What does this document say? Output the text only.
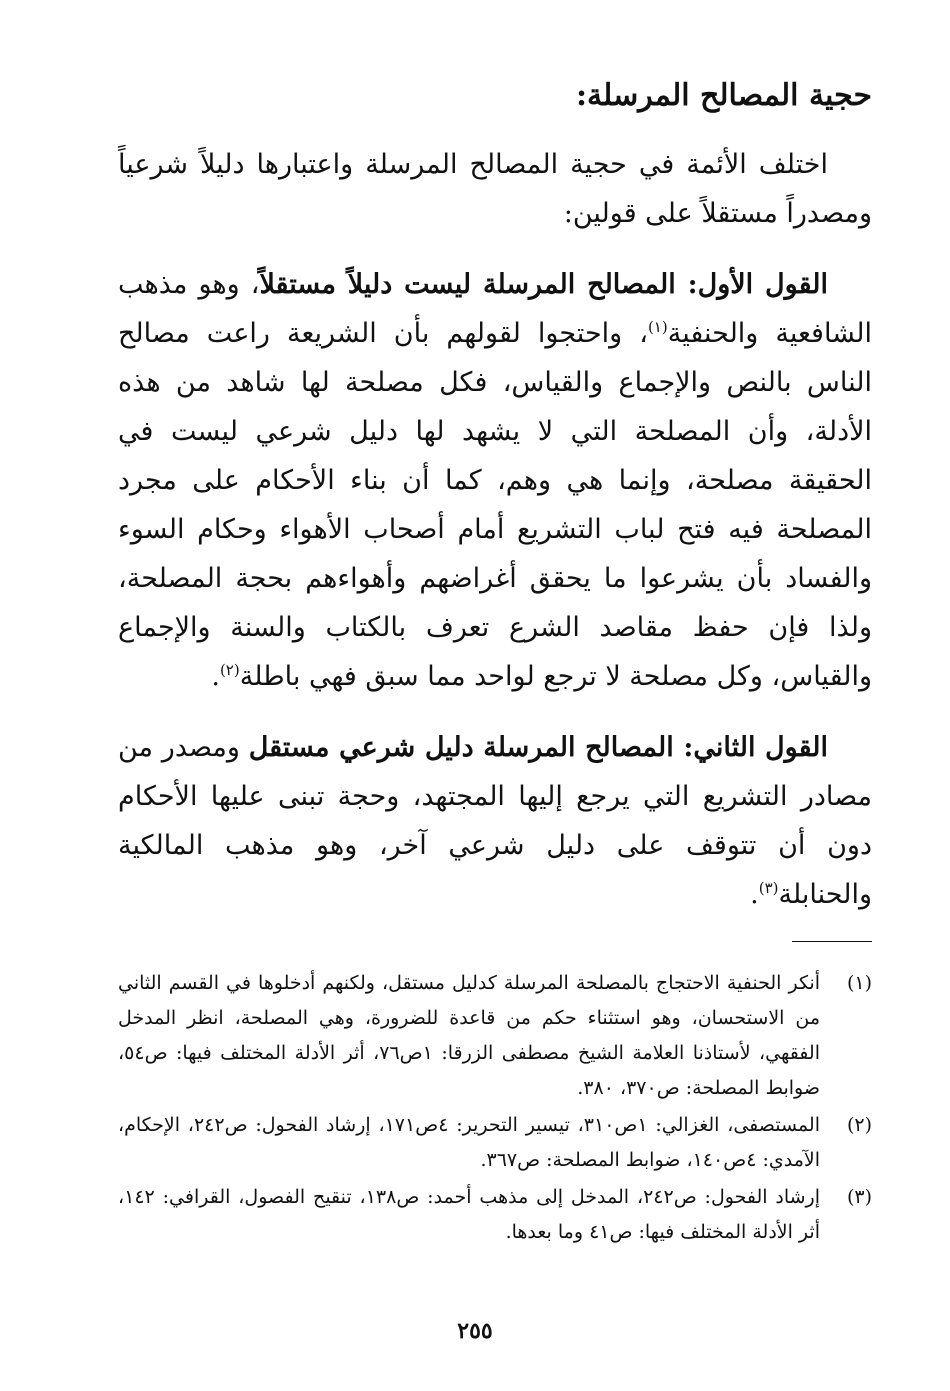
حجية المصالح المرسلة:

اختلف الأئمة في حجية المصالح المرسلة واعتبارها دليلاً شرعياً ومصدراً مستقلاً على قولين:

القول الأول: المصالح المرسلة ليست دليلاً مستقلاً، وهو مذهب الشافعية والحنفية$^{(١)}$، واحتجوا لقولهم بأن الشريعة راعت مصالح الناس بالنص والإجماع والقياس، فكل مصلحة لها شاهد من هذه الأدلة، وأن المصلحة التي لا يشهد لها دليل شرعي ليست في الحقيقة مصلحة، وإنما هي وهم، كما أن بناء الأحكام على مجرد المصلحة فيه فتح لباب التشريع أمام أصحاب الأهواء وحكام السوء والفساد بأن يشرعوا ما يحقق أغراضهم وأهواءهم بحجة المصلحة، ولذا فإن حفظ مقاصد الشرع تعرف بالكتاب والسنة والإجماع والقياس، وكل مصلحة لا ترجع لواحد مما سبق فهي باطلة$^{(٢)}$.

القول الثاني: المصالح المرسلة دليل شرعي مستقل ومصدر من مصادر التشريع التي يرجع إليها المجتهد، وحجة تبنى عليها الأحكام دون أن تتوقف على دليل شرعي آخر، وهو مذهب المالكية والحنابلة$^{(٣)}$.

(١)
أنكر الحنفية الاحتجاج بالمصلحة المرسلة كدليل مستقل، ولكنهم أدخلوها في القسم الثاني من الاستحسان، وهو استثناء حكم من قاعدة للضرورة، وهي المصلحة، انظر المدخل الفقهي، لأستاذنا العلامة الشيخ مصطفى الزرقا: ١ص٧٦، أثر الأدلة المختلف فيها: ص٥٤، ضوابط المصلحة: ص٣٧٠، ٣٨٠.
(٢)
المستصفى، الغزالي: ١ص٣١٠، تيسير التحرير: ٤ص١٧١، إرشاد الفحول: ص٢٤٢، الإحكام، الآمدي: ٤ص١٤٠، ضوابط المصلحة: ص٣٦٧.
(٣)
إرشاد الفحول: ص٢٤٢، المدخل إلى مذهب أحمد: ص١٣٨، تنقيح الفصول، القرافي: ١٤٢، أثر الأدلة المختلف فيها: ص٤١ وما بعدها.
٢٥٥
